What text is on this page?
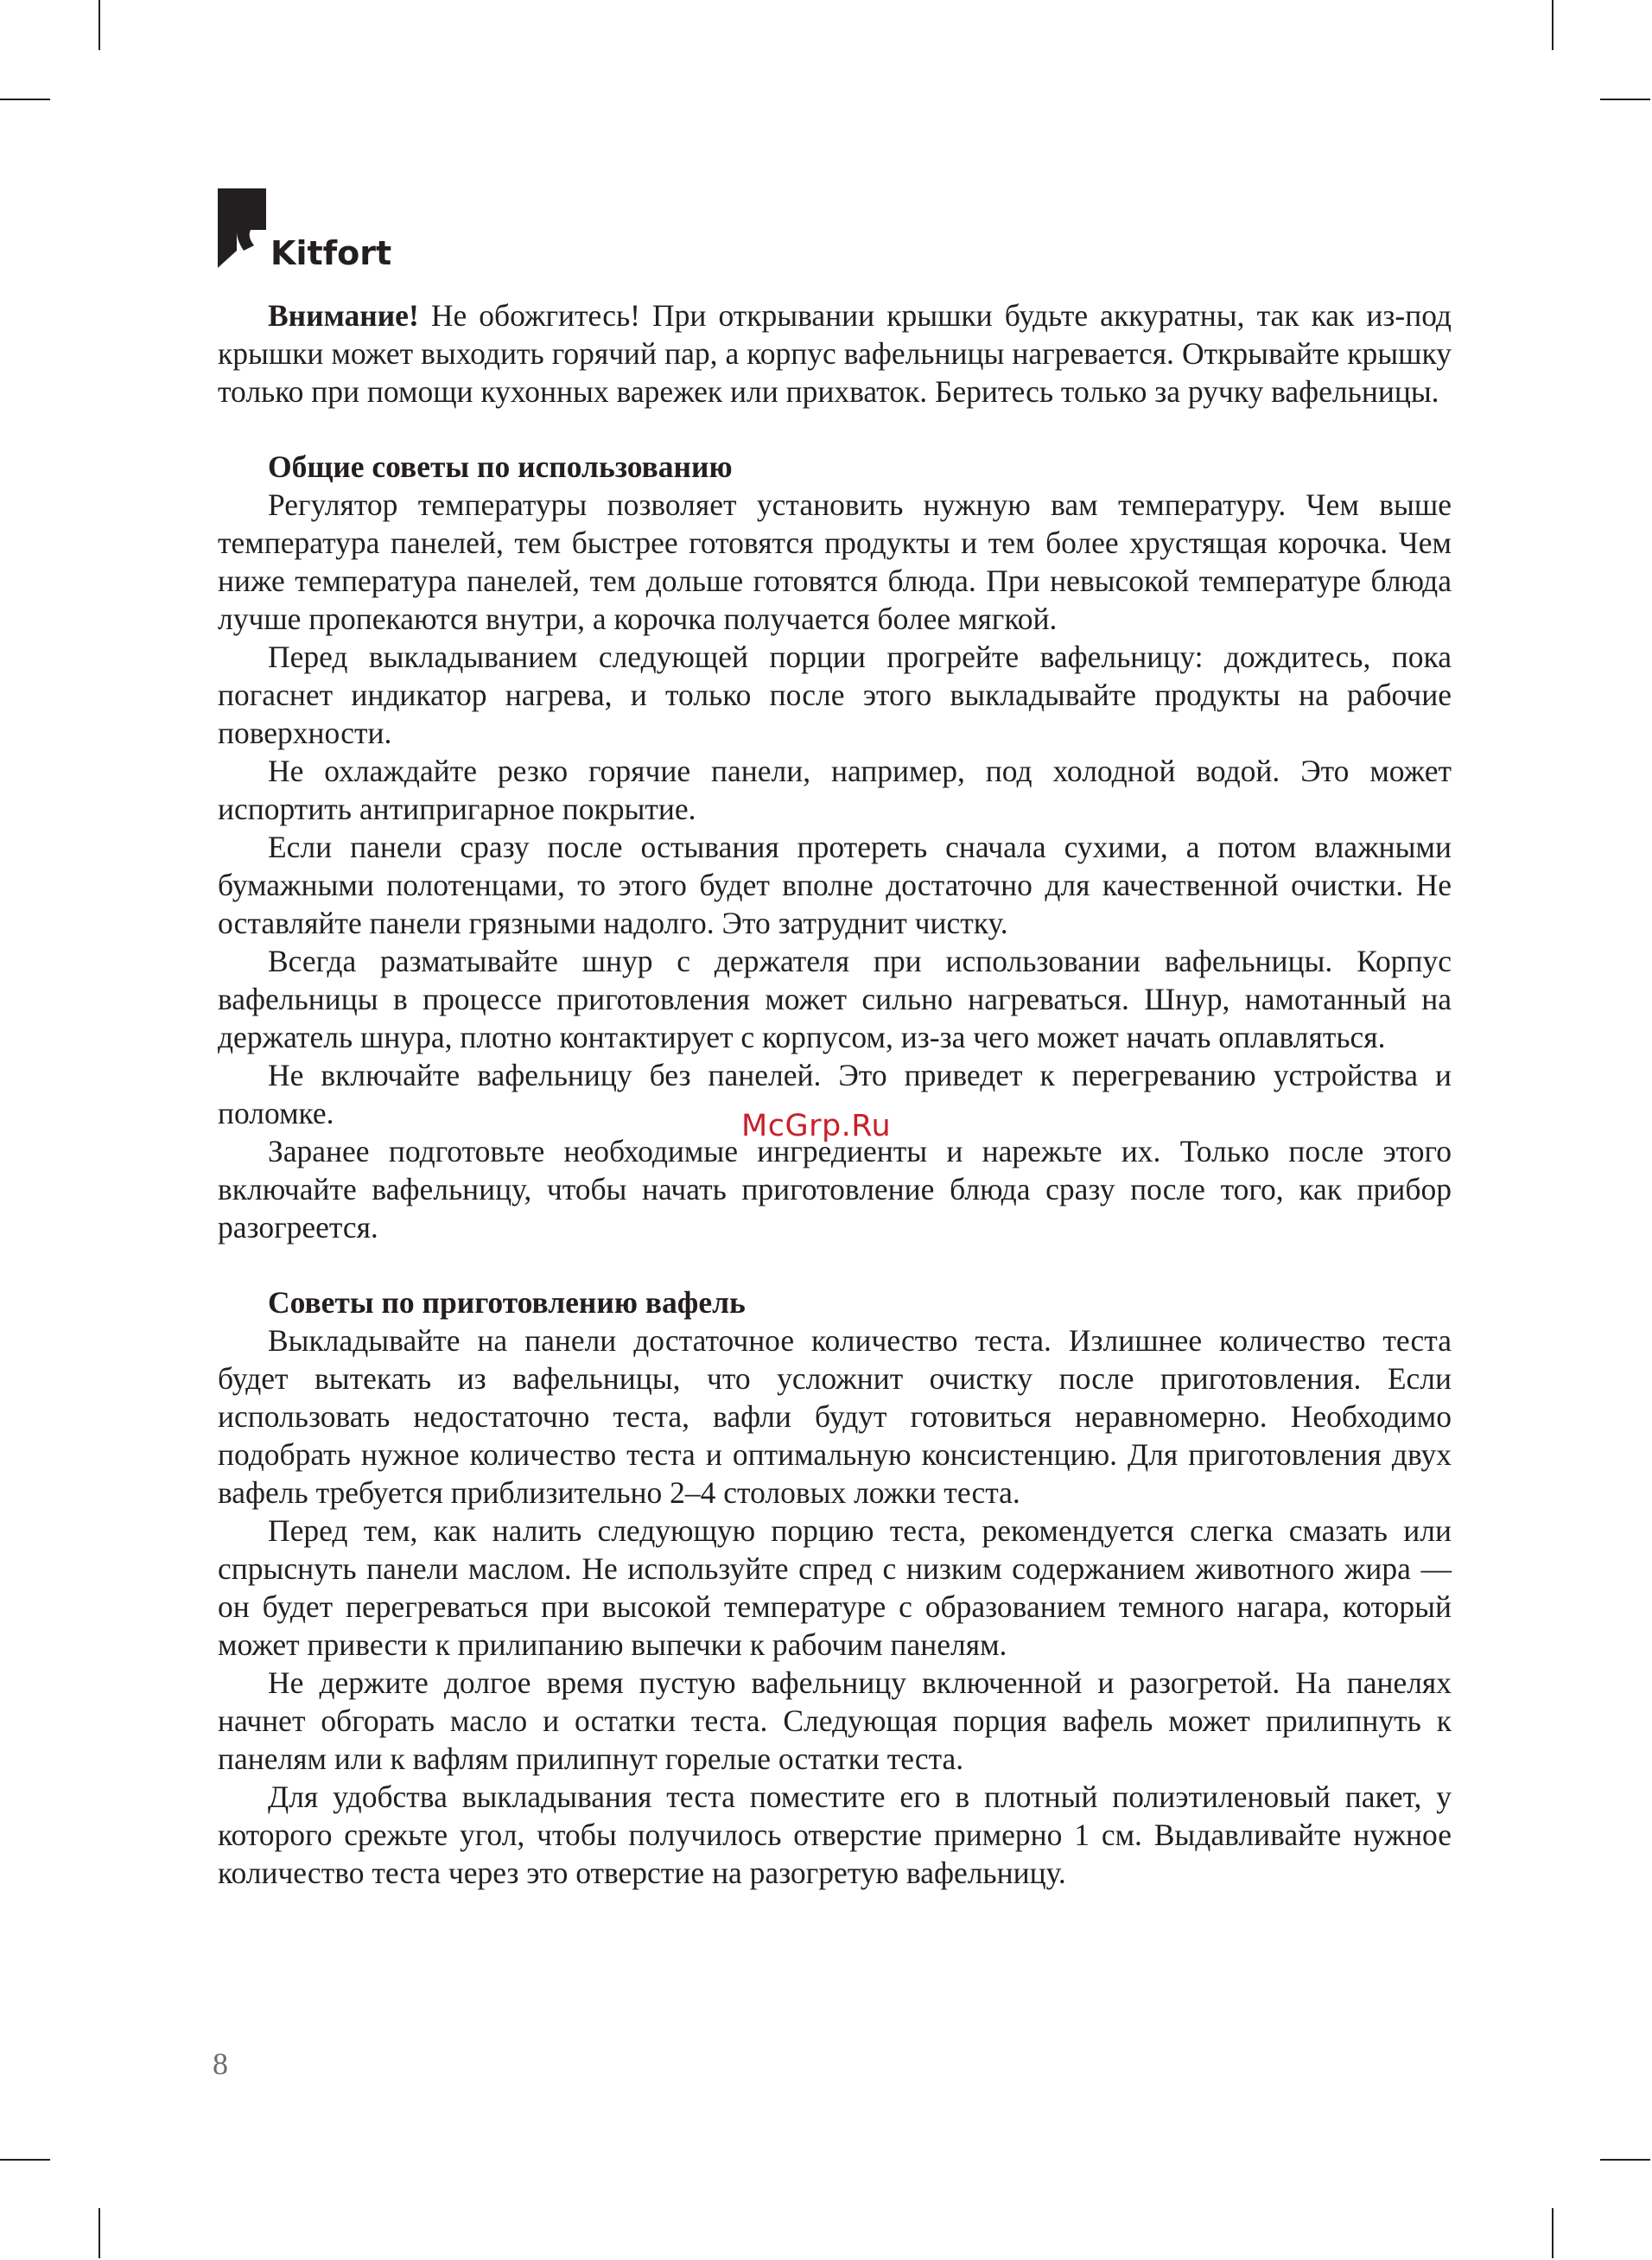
Kitfort

Внимание! Не обожгитесь! При открывании крышки будьте аккуратны, так как из-под крышки может выходить горячий пар, а корпус вафельницы нагревается. Открывайте крышку только при помощи кухонных варежек или прихваток. Беритесь только за ручку вафельницы.

Общие советы по использованию

Регулятор температуры позволяет установить нужную вам температуру. Чем выше температура панелей, тем быстрее готовятся продукты и тем более хрустящая корочка. Чем ниже температура панелей, тем дольше готовятся блюда. При невысокой температуре блюда лучше пропекаются внутри, а корочка получается более мягкой.

Перед выкладыванием следующей порции прогрейте вафельницу: дождитесь, пока погаснет индикатор нагрева, и только после этого выкладывайте продукты на рабочие поверхности.

Не охлаждайте резко горячие панели, например, под холодной водой. Это может испортить антипригарное покрытие.

Если панели сразу после остывания протереть сначала сухими, а потом влажными бумажными полотенцами, то этого будет вполне достаточно для качественной очистки. Не оставляйте панели грязными надолго. Это затруднит чистку.

Всегда разматывайте шнур с держателя при использовании вафельницы. Корпус вафельницы в процессе приготовления может сильно нагреваться. Шнур, намотанный на держатель шнура, плотно контактирует с корпусом, из-за чего может начать оплавляться.

Не включайте вафельницу без панелей. Это приведет к перегреванию устройства и поломке.

Заранее подготовьте необходимые ингредиенты и нарежьте их. Только после этого включайте вафельницу, чтобы начать приготовление блюда сразу после того, как прибор разогреется.

Советы по приготовлению вафель

Выкладывайте на панели достаточное количество теста. Излишнее количество теста будет вытекать из вафельницы, что усложнит очистку после приготовления. Если использовать недостаточно теста, вафли будут готовиться неравномерно. Необходимо подобрать нужное количество теста и оптимальную консистенцию. Для приготовления двух вафель требуется приблизительно 2–4 столовых ложки теста.

Перед тем, как налить следующую порцию теста, рекомендуется слегка смазать или спрыснуть панели маслом. Не используйте спред с низким содержанием животного жира — он будет перегреваться при высокой температуре с образованием темного нагара, который может привести к прилипанию выпечки к рабочим панелям.

Не держите долгое время пустую вафельницу включенной и разогретой. На панелях начнет обгорать масло и остатки теста. Следующая порция вафель может прилипнуть к панелям или к вафлям прилипнут горелые остатки теста.

Для удобства выкладывания теста поместите его в плотный полиэтиленовый пакет, у которого срежьте угол, чтобы получилось отверстие примерно 1 см. Выдавливайте нужное количество теста через это отверстие на разогретую вафельницу.

McGrp.Ru
8
